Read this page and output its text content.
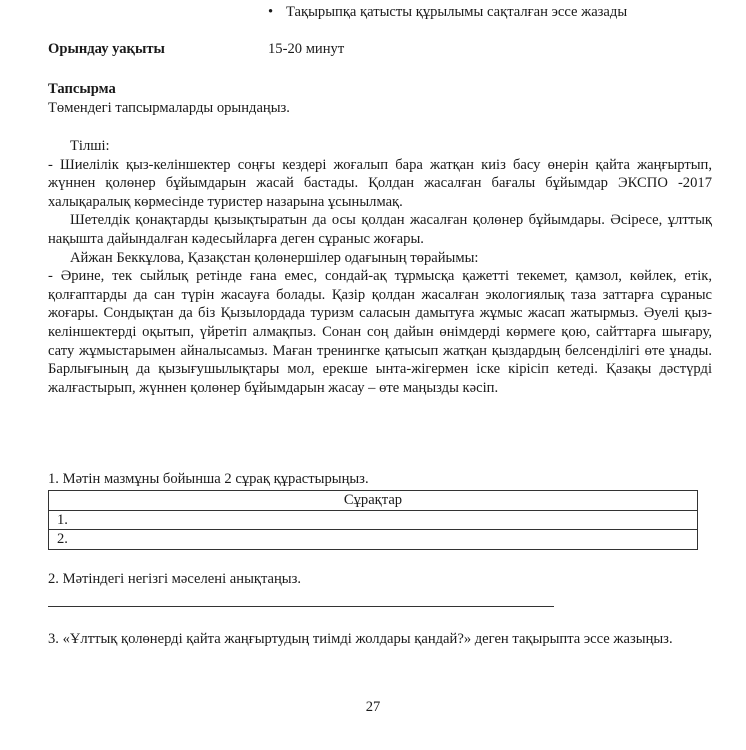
• Тақырыпқа қатысты құрылымы сақталған эссе жазады
Орындау уақыты	15-20 минут
Тапсырма
Төмендегі тапсырмаларды орындаңыз.

Тілші:

- Шиелілік қыз-келіншектер соңғы кездері жоғалып бара жатқан киіз басу өнерін қайта жаңғыртып, жүннен қолөнер бұйымдарын жасай бастады. Қолдан жасалған бағалы бұйымдар ЭКСПО -2017 халықаралық көрмесінде туристер назарына ұсынылмақ.

Шетелдік қонақтарды қызықтыратын да осы қолдан жасалған қолөнер бұйымдары. Әсіресе, ұлттық нақышта дайындалған кәдесыйларға деген сұраныс жоғары.

Айжан Беккұлова, Қазақстан қолөнершілер одағының төрайымы:

- Әрине, тек сыйлық ретінде ғана емес, сондай-ақ тұрмысқа қажетті текемет, қамзол, көйлек, етік, қолғаптарды да сан түрін жасауға болады. Қазір қолдан жасалған экологиялық таза заттарға сұраныс жоғары. Сондықтан да біз Қызылордада туризм саласын дамытуға жұмыс жасап жатырмыз. Әуелі қыз-келіншектерді оқытып, үйретіп алмақпыз. Сонан соң дайын өнімдерді көрмеге қою, сайттарға шығару, сату жұмыстарымен айналысамыз. Маған тренингке қатысып жатқан қыздардың белсенділігі өте ұнады. Барлығының да қызығушылықтары мол, ерекше ынта-жігермен іске кірісіп кетеді. Қазақы дәстүрді жалғастырып, жүннен қолөнер бұйымдарын жасау – өте маңызды кәсіп.

1. Мәтін мазмұны бойынша 2 сұрақ құрастырыңыз.
Сұрақтар
1.
2.
2. Мәтіндегі негізгі мәселені анықтаңыз.
3. «Ұлттық қолөнерді қайта жаңғыртудың тиімді жолдары қандай?» деген тақырыпта эссе жазыңыз.
27
